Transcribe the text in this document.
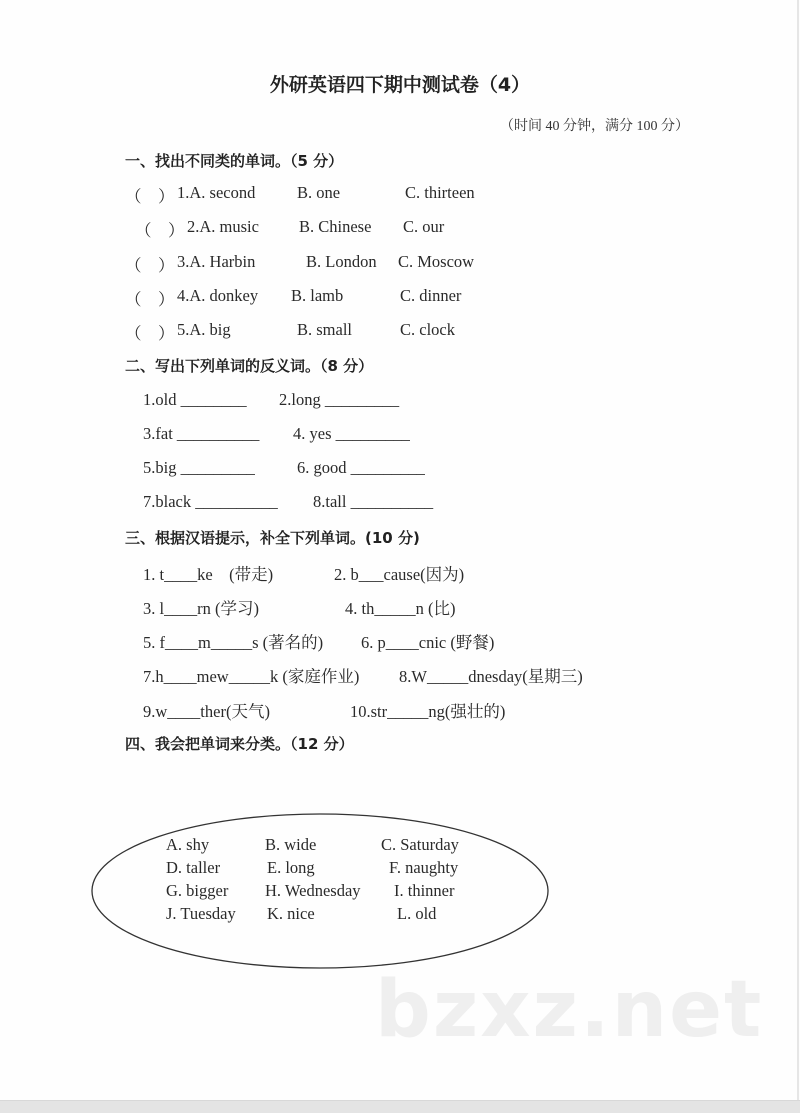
外研英语四下期中测试卷（4）
（时间 40 分钟，满分 100 分）
一、找出不同类的单词。（5 分）
（　） 1.A. second	B. one	C. thirteen
（　） 2.A. music B. Chinese C. our
（　） 3.A. Harbin	B. London C. Moscow
（　） 4.A. donkey B. lamb	C. dinner
（　） 5.A. big	B. small	C. clock
二、写出下列单词的反义词。（8 分）
1.old ________ 2.long _________
3.fat __________ 4. yes _________
5.big _________	6. good _________
7.black __________ 8.tall __________
三、根据汉语提示，补全下列单词。(10 分)
1. t____ke    (带走)	2. b___cause(因为)
3. l____rn (学习)	4. th_____n (比)
5. f____m_____s (著名的) 6. p____cnic (野餐)
7.h____mew_____k (家庭作业) 8.W_____dnesday(星期三)
9.w____ther(天气)	10.str_____ng(强壮的)
四、我会把单词来分类。（12 分）
A. shy	B. wide	C. Saturday
D. taller	E. long	F. naughty
G. bigger H. Wednesday I. thinner
J. Tuesday K. nice	L. old
bzxz.net
